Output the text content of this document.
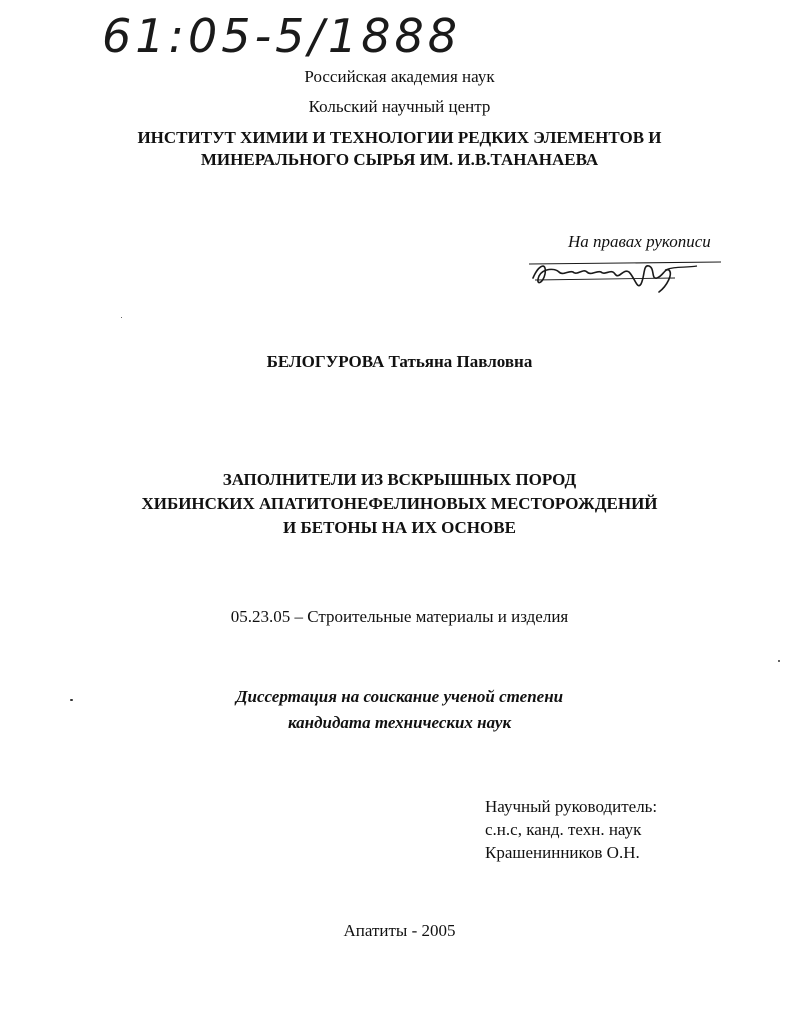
61:05-5/1888
Российская академия наук
Кольский научный центр
ИНСТИТУТ ХИМИИ И ТЕХНОЛОГИИ РЕДКИХ ЭЛЕМЕНТОВ И
МИНЕРАЛЬНОГО СЫРЬЯ ИМ. И.В.ТАНАНАЕВА
На правах рукописи
БЕЛОГУРОВА Татьяна Павловна
ЗАПОЛНИТЕЛИ ИЗ ВСКРЫШНЫХ ПОРОД
ХИБИНСКИХ АПАТИТОНЕФЕЛИНОВЫХ МЕСТОРОЖДЕНИЙ
И БЕТОНЫ НА ИХ ОСНОВЕ
05.23.05 – Строительные материалы и изделия
Диссертация на соискание ученой степени
кандидата технических наук
Научный руководитель:
с.н.с, канд. техн. наук
Крашенинников О.Н.
Апатиты - 2005
